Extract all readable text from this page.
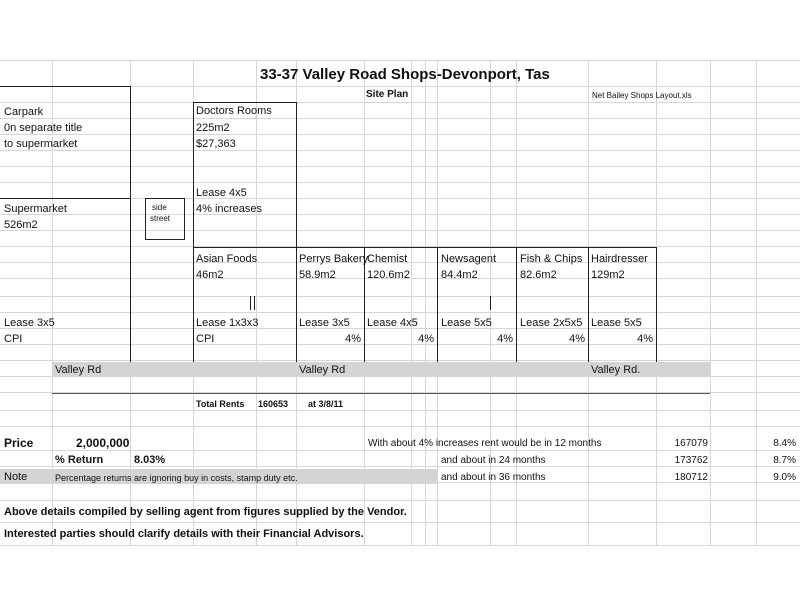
33-37 Valley Road Shops-Devonport, Tas
Site Plan	Net Bailey Shops Layout.xls
Carpark
0n separate title
to supermarket
Supermarket
526m2
Lease 3x5
CPI
side
street
Doctors Rooms
225m2
$27,363
Lease 4x5
4% increases
Asian Foods
46m2
Lease 1x3x3
CPI
Perrys Bakery
58.9m2
Lease 3x5
4%
Chemist
120.6m2
Lease 4x5
4%
Newsagent
84.4m2
Lease 5x5
4%
Fish & Chips
82.6m2
Lease 2x5x5
4%
Hairdresser
129m2
Lease 5x5
4%
Valley Rd	Valley Rd	Valley Rd.
Total Rents 160653 at 3/8/11
Price	2,000,000
% Return	8.03%
Note	Percentage returns are ignoring buy in costs, stamp duty etc.
With about 4% increases rent would be in 12 months	167079	8.4%
and about in 24 months	173762	8.7%
and about in 36 months	180712	9.0%
Above details compiled by selling agent from figures supplied by the Vendor.
Interested parties should clarify details with their Financial Advisors.
